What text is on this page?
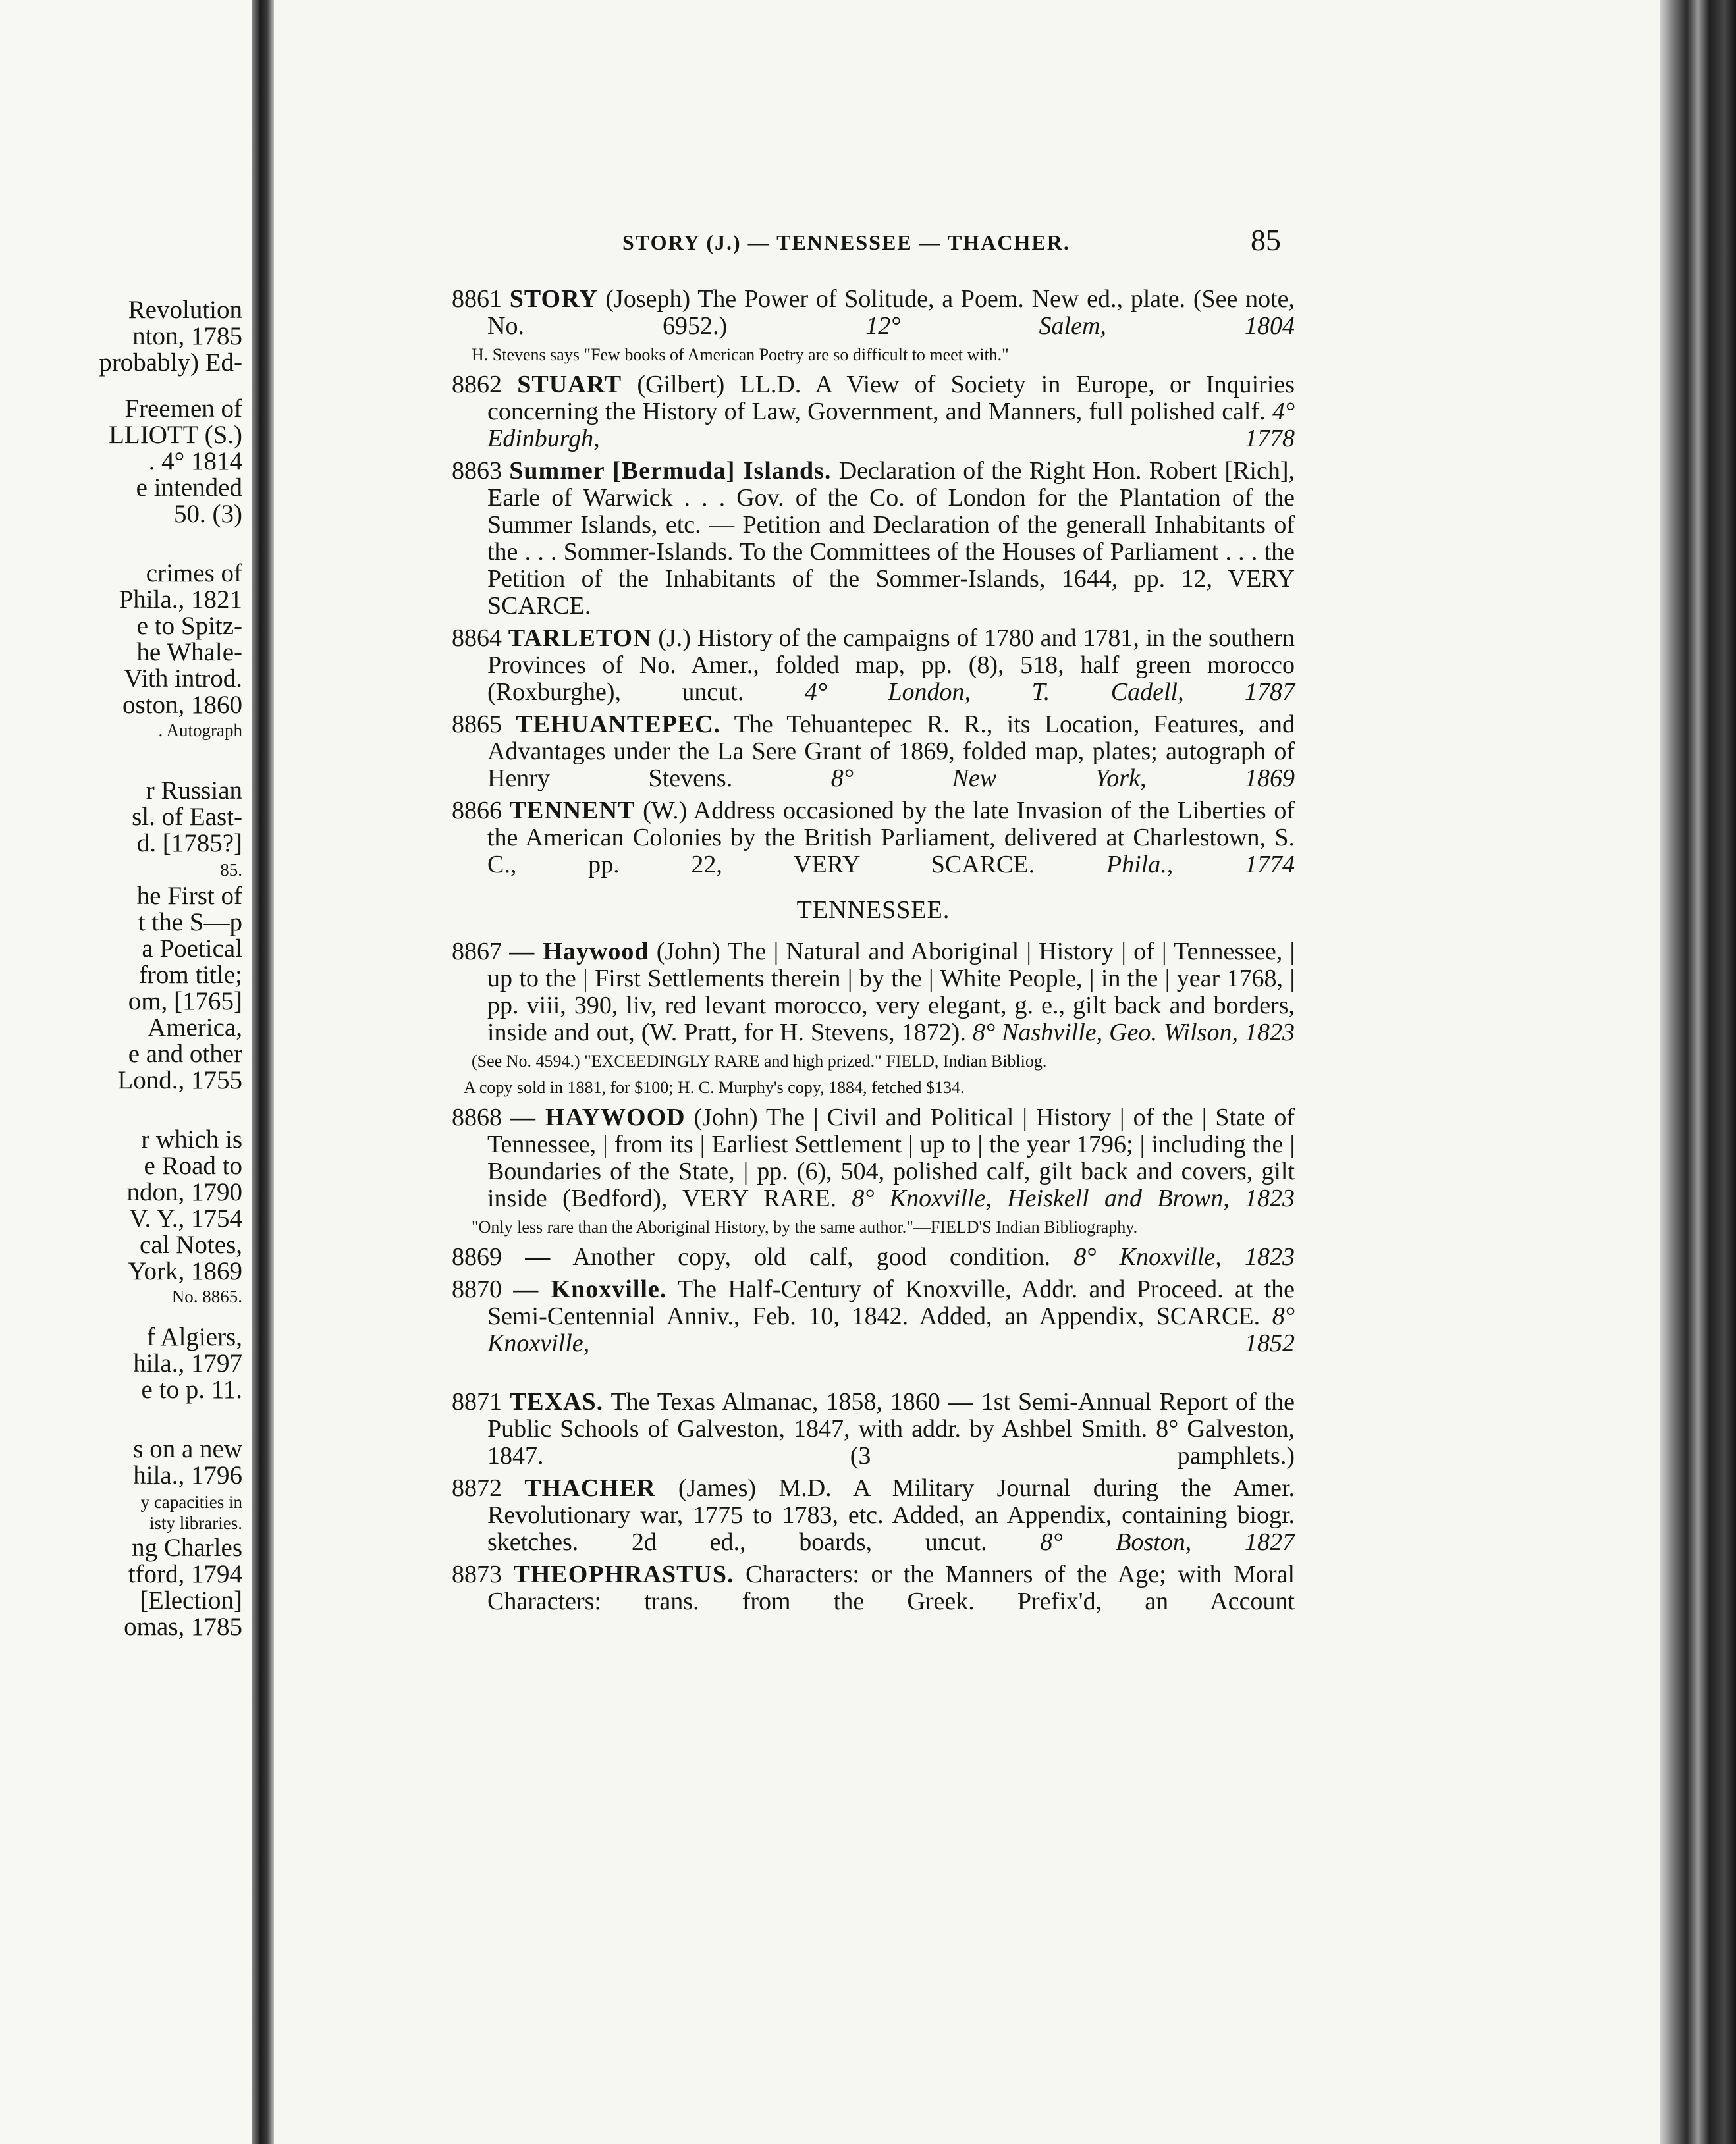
Revolution
nton, 1785
probably) Ed-
Freemen of
LLIOTT (S.)
. 4° 1814
e intended
50. (3)
crimes of
Phila., 1821
e to Spitz-
he Whale-
Vith introd.
oston, 1860
. Autograph
r Russian
sl. of East-
d. [1785?]
85.
he First of
t the S—p
a Poetical
from title;
om, [1765]
America,
e and other
Lond., 1755
r which is
e Road to
ndon, 1790
V. Y., 1754
cal Notes,
York, 1869
No. 8865.
f Algiers,
hila., 1797
e to p. 11.
s on a new
hila., 1796
y capacities in
isty libraries.
ng Charles
tford, 1794
[Election]
omas, 1785
STORY (J.) — TENNESSEE — THACHER.	85
8861 STORY (Joseph) The Power of Solitude, a Poem. New ed., plate. (See note, No. 6952.)	12° Salem, 1804
H. Stevens says "Few books of American Poetry are so difficult to meet with."
8862 STUART (Gilbert) LL.D. A View of Society in Europe, or Inquiries concerning the History of Law, Government, and Manners, full polished calf. 4° Edinburgh, 1778
8863 Summer [Bermuda] Islands. Declaration of the Right Hon. Robert [Rich], Earle of Warwick . . . Gov. of the Co. of London for the Plantation of the Summer Islands, etc. — Petition and Declaration of the generall Inhabitants of the . . . Sommer-Islands. To the Committees of the Houses of Parliament . . . the Petition of the Inhabitants of the Sommer-Islands, 1644, pp. 12, VERY SCARCE.
8864 TARLETON (J.) History of the campaigns of 1780 and 1781, in the southern Provinces of No. Amer., folded map, pp. (8), 518, half green morocco (Roxburghe), uncut. 4° London, T. Cadell, 1787
8865 TEHUANTEPEC. The Tehuantepec R. R., its Location, Features, and Advantages under the La Sere Grant of 1869, folded map, plates; autograph of Henry Stevens.	8° New York, 1869
8866 TENNENT (W.) Address occasioned by the late Invasion of the Liberties of the American Colonies by the British Parliament, delivered at Charlestown, S. C., pp. 22, VERY SCARCE.	Phila., 1774
TENNESSEE.
8867 — Haywood (John) The | Natural and Aboriginal | History | of | Tennessee, | up to the | First Settlements therein | by the | White People, | in the | year 1768, | pp. viii, 390, liv, red levant morocco, very elegant, g. e., gilt back and borders, inside and out, (W. Pratt, for H. Stevens, 1872). 8° Nashville, Geo. Wilson, 1823
(See No. 4594.) "EXCEEDINGLY RARE and high prized." FIELD, Indian Bibliog.
A copy sold in 1881, for $100; H. C. Murphy's copy, 1884, fetched $134.
8868 — HAYWOOD (John) The | Civil and Political | History | of the | State of Tennessee, | from its | Earliest Settlement | up to | the year 1796; | including the | Boundaries of the State, | pp. (6), 504, polished calf, gilt back and covers, gilt inside (Bedford), VERY RARE. 8° Knoxville, Heiskell and Brown, 1823
"Only less rare than the Aboriginal History, by the same author."—FIELD'S Indian Bibliography.
8869 — Another copy, old calf, good condition. 8° Knoxville, 1823
8870 — Knoxville. The Half-Century of Knoxville, Addr. and Proceed. at the Semi-Centennial Anniv., Feb. 10, 1842. Added, an Appendix, SCARCE. 8° Knoxville, 1852
8871 TEXAS. The Texas Almanac, 1858, 1860 — 1st Semi-Annual Report of the Public Schools of Galveston, 1847, with addr. by Ashbel Smith. 8° Galveston, 1847. (3 pamphlets.)
8872 THACHER (James) M.D. A Military Journal during the Amer. Revolutionary war, 1775 to 1783, etc. Added, an Appendix, containing biogr. sketches. 2d ed., boards, uncut. 8° Boston, 1827
8873 THEOPHRASTUS. Characters: or the Manners of the Age; with Moral Characters: trans. from the Greek. Prefix'd, an Account
